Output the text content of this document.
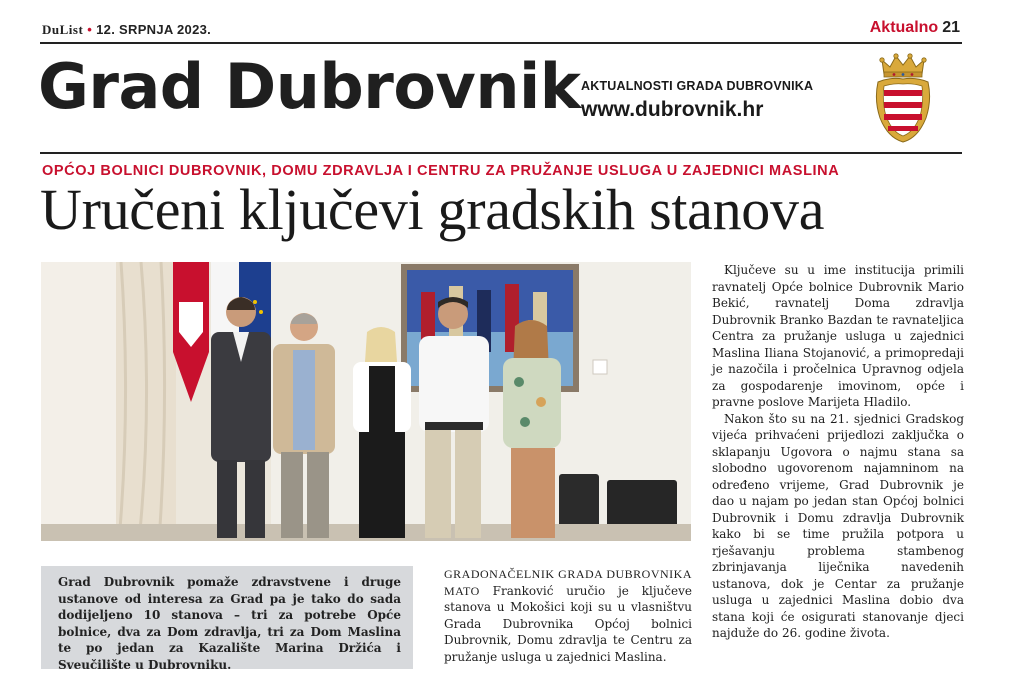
DuList • 12. SRPNJA 2023.	Aktualno 21
Grad Dubrovnik AKTUALNOSTI GRADA DUBROVNIKA
www.dubrovnik.hr
OPĆOJ BOLNICI DUBROVNIK, DOMU ZDRAVLJA I CENTRU ZA PRUŽANJE USLUGA U ZAJEDNICI MASLINA
Uručeni ključevi gradskih stanova

Ključeve su u ime institucija primili ravnatelj Opće bolnice Dubrovnik Mario Bekić, ravnatelj Doma zdravlja Dubrovnik Branko Bazdan te ravnateljica Centra za pružanje usluga u zajednici Maslina Iliana Stojanović, a primopredaji je nazočila i pročelnica Upravnog odjela za gospodarenje imovinom, opće i pravne poslove Marijeta Hladilo.

Nakon što su na 21. sjednici Gradskog vijeća prihvaćeni prijedlozi zaključka o sklapanju Ugovora o najmu stana sa slobodno ugovorenom najamninom na određeno vrijeme, Grad Dubrovnik je dao u najam po jedan stan Općoj bolnici Dubrovnik i Domu zdravlja Dubrovnik kako bi se time pružila potpora u rješavanju problema stambenog zbrinjavanja liječnika navedenih ustanova, dok je Centar za pružanje usluga u zajednici Maslina dobio dva stana koji će osigurati stanovanje djeci najduže do 26. godine života.

Grad Dubrovnik pomaže zdravstvene i druge ustanove od interesa za Grad pa je tako do sada dodijeljeno 10 stanova – tri za potrebe Opće bolnice, dva za Dom zdravlja, tri za Dom Maslina te po jedan za Kazalište Marina Držića i Sveučilište u Dubrovniku.

GRADONAČELNIK GRADA DUBROVNIKA MATO Franković uručio je ključeve stanova u Mokošici koji su u vlasništvu Grada Dubrovnika Općoj bolnici Dubrovnik, Domu zdravlja te Centru za pružanje usluga u zajednici Maslina.
